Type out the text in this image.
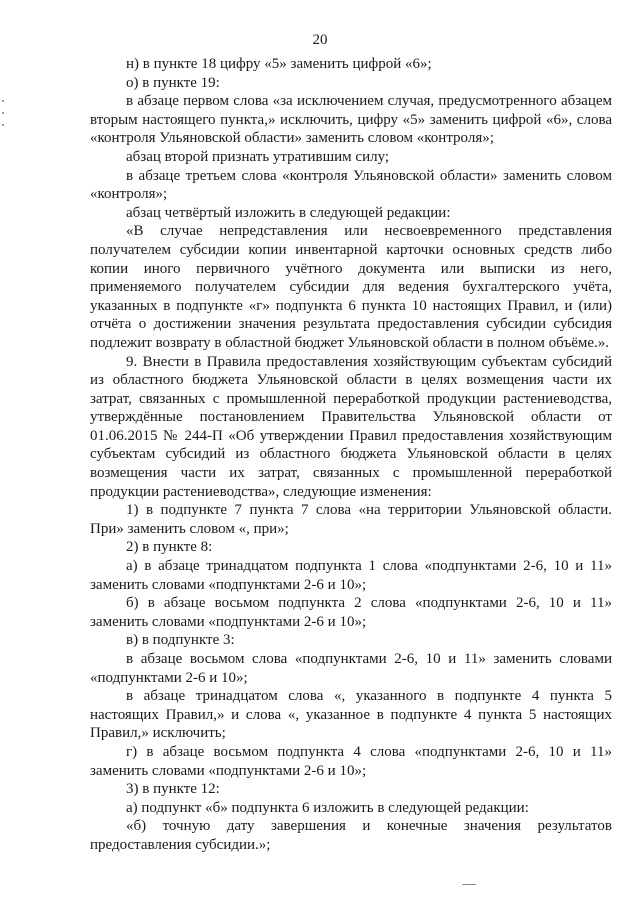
20

н) в пункте 18 цифру «5» заменить цифрой «6»;

о) в пункте 19:

в абзаце первом слова «за исключением случая, предусмотренного абзацем вторым настоящего пункта,» исключить, цифру «5» заменить цифрой «6», слова «контроля Ульяновской области» заменить словом «контроля»;

абзац второй признать утратившим силу;

в абзаце третьем слова «контроля Ульяновской области» заменить словом «контроля»;

абзац четвёртый изложить в следующей редакции:

«В случае непредставления или несвоевременного представления получателем субсидии копии инвентарной карточки основных средств либо копии иного первичного учётного документа или выписки из него, применяемого получателем субсидии для ведения бухгалтерского учёта, указанных в подпункте «г» подпункта 6 пункта 10 настоящих Правил, и (или) отчёта о достижении значения результата предоставления субсидии субсидия подлежит возврату в областной бюджет Ульяновской области в полном объёме.».

9. Внести в Правила предоставления хозяйствующим субъектам субсидий из областного бюджета Ульяновской области в целях возмещения части их затрат, связанных с промышленной переработкой продукции растениеводства, утверждённые постановлением Правительства Ульяновской области от 01.06.2015 № 244-П «Об утверждении Правил предоставления хозяйствующим субъектам субсидий из областного бюджета Ульяновской области в целях возмещения части их затрат, связанных с промышленной переработкой продукции растениеводства», следующие изменения:

1) в подпункте 7 пункта 7 слова «на территории Ульяновской области. При» заменить словом «, при»;

2) в пункте 8:

а) в абзаце тринадцатом подпункта 1 слова «подпунктами 2-6, 10 и 11» заменить словами «подпунктами 2-6 и 10»;

б) в абзаце восьмом подпункта 2 слова «подпунктами 2-6, 10 и 11» заменить словами «подпунктами 2-6 и 10»;

в) в подпункте 3:

в абзаце восьмом слова «подпунктами 2-6, 10 и 11» заменить словами «подпунктами 2-6 и 10»;

в абзаце тринадцатом слова «, указанного в подпункте 4 пункта 5 настоящих Правил,» и слова «, указанное в подпункте 4 пункта 5 настоящих Правил,» исключить;

г) в абзаце восьмом подпункта 4 слова «подпунктами 2-6, 10 и 11» заменить словами «подпунктами 2-6 и 10»;

3) в пункте 12:

а) подпункт «б» подпункта 6 изложить в следующей редакции:

«б) точную дату завершения и конечные значения результатов предоставления субсидии.»;
